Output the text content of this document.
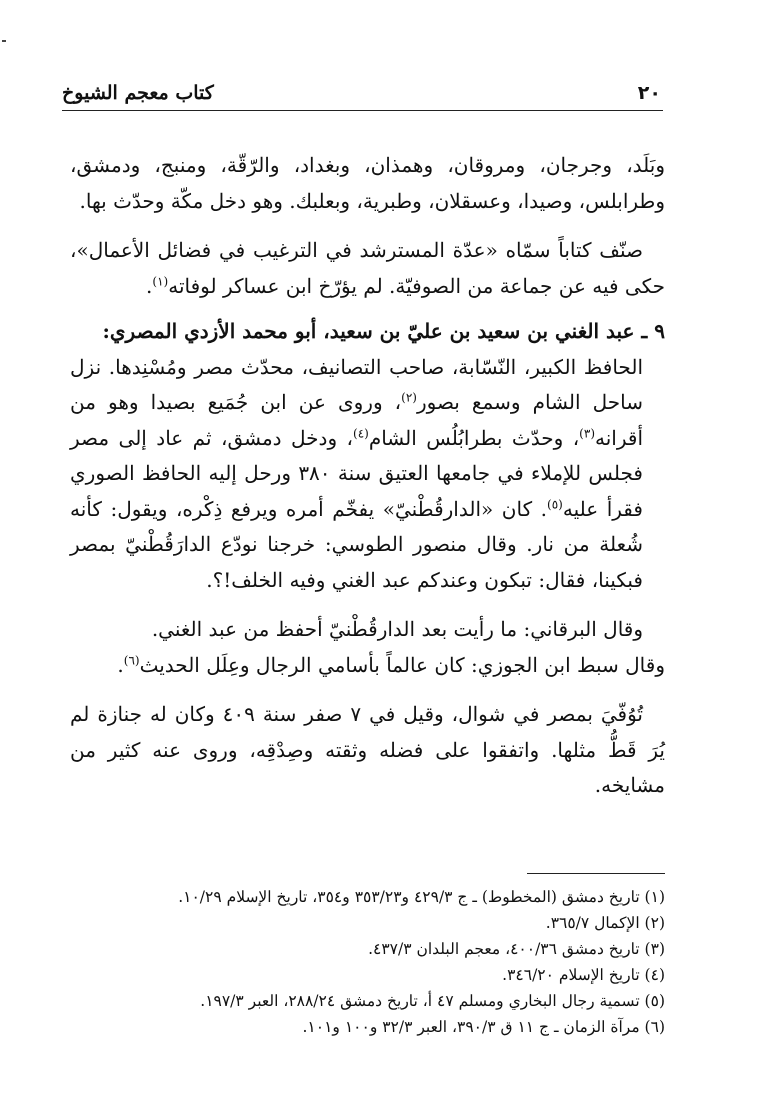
٢٠
كتاب معجم الشيوخ

وبَلَد، وجرجان، ومروقان، وهمذان، وبغداد، والرّقّة، ومنبج، ودمشق، وطرابلس، وصيدا، وعسقلان، وطبرية، وبعلبك. وهو دخل مكّة وحدّث بها.

صنّف كتاباً سمّاه «عدّة المسترشد في الترغيب في فضائل الأعمال»، حكى فيه عن جماعة من الصوفيّة. لم يؤرّخ ابن عساكر لوفاته$^{(١)}$.

٩ ـ عبد الغني بن سعيد بن عليّ بن سعيد، أبو محمد الأزدي المصري:

الحافظ الكبير، النّسّابة، صاحب التصانيف، محدّث مصر ومُسْنِدها. نزل ساحل الشام وسمع بصور$^{(٢)}$، وروى عن ابن جُمَيع بصيدا وهو من أقرانه$^{(٣)}$، وحدّث بطرابُلُس الشام$^{(٤)}$، ودخل دمشق، ثم عاد إلى مصر فجلس للإملاء في جامعها العتيق سنة ٣٨٠ ورحل إليه الحافظ الصوري فقرأ عليه$^{(٥)}$. كان «الدارقُطْنيّ» يفخّم أمره ويرفع ذِكْره، ويقول: كأنه شُعلة من نار. وقال منصور الطوسي: خرجنا نودّع الدارَقُطْنيّ بمصر فبكينا، فقال: تبكون وعندكم عبد الغني وفيه الخلف!؟.

وقال البرقاني: ما رأيت بعد الدارقُطْنيّ أحفظ من عبد الغني.

وقال سبط ابن الجوزي: كان عالماً بأسامي الرجال وعِلَل الحديث$^{(٦)}$.

تُوُفّيَ بمصر في شوال، وقيل في ٧ صفر سنة ٤٠٩ وكان له جنازة لم يُرَ قَطُّ مثلها. واتفقوا على فضله وثقته وصِدْقِه، وروى عنه كثير من مشايخه.

(١) تاريخ دمشق (المخطوط) ـ ج ٤٢٩/٣ و٣٥٣/٢٣ و٣٥٤، تاريخ الإسلام ١٠/٢٩.

(٢) الإكمال ٣٦٥/٧.

(٣) تاريخ دمشق ٤٠٠/٣٦، معجم البلدان ٤٣٧/٣.

(٤) تاريخ الإسلام ٣٤٦/٢٠.

(٥) تسمية رجال البخاري ومسلم ٤٧ أ، تاريخ دمشق ٢٨٨/٢٤، العبر ١٩٧/٣.

(٦) مرآة الزمان ـ ج ١١ ق ٣٩٠/٣، العبر ٣٢/٣ و١٠٠ و١٠١.
